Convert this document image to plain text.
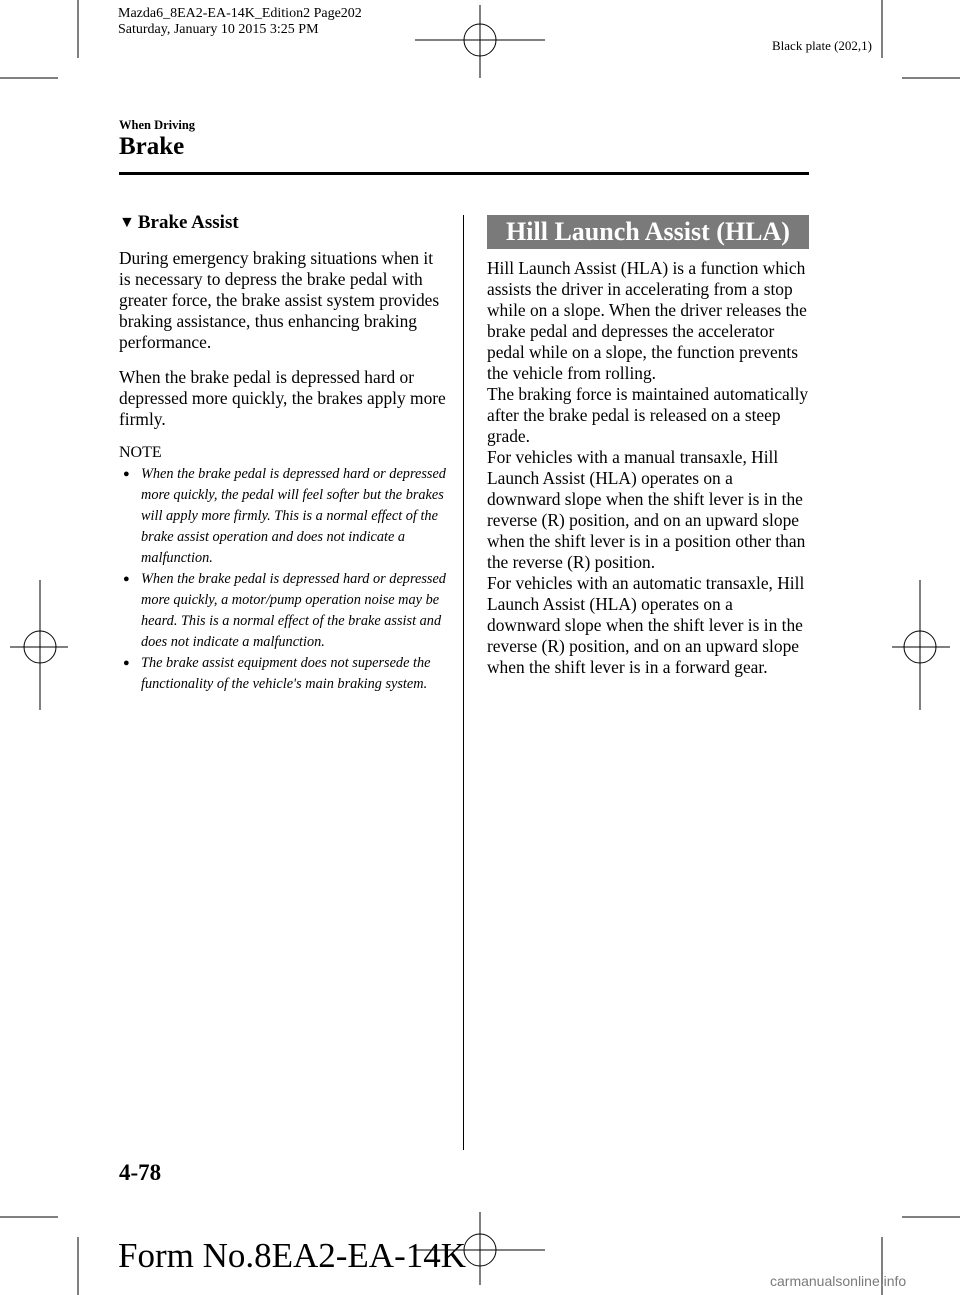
Mazda6_8EA2-EA-14K_Edition2 Page202
Saturday, January 10 2015 3:25 PM
Black plate (202,1)
When Driving
Brake
▼ Brake Assist

During emergency braking situations when it is necessary to depress the brake pedal with greater force, the brake assist system provides braking assistance, thus enhancing braking performance.

When the brake pedal is depressed hard or depressed more quickly, the brakes apply more firmly.

NOTE
● When the brake pedal is depressed hard or depressed more quickly, the pedal will feel softer but the brakes will apply more firmly. This is a normal effect of the brake assist operation and does not indicate a malfunction.
● When the brake pedal is depressed hard or depressed more quickly, a motor/pump operation noise may be heard. This is a normal effect of the brake assist and does not indicate a malfunction.
● The brake assist equipment does not supersede the functionality of the vehicle's main braking system.
Hill Launch Assist (HLA)

Hill Launch Assist (HLA) is a function which assists the driver in accelerating from a stop while on a slope. When the driver releases the brake pedal and depresses the accelerator pedal while on a slope, the function prevents the vehicle from rolling.

The braking force is maintained automatically after the brake pedal is released on a steep grade.

For vehicles with a manual transaxle, Hill Launch Assist (HLA) operates on a downward slope when the shift lever is in the reverse (R) position, and on an upward slope when the shift lever is in a position other than the reverse (R) position.

For vehicles with an automatic transaxle, Hill Launch Assist (HLA) operates on a downward slope when the shift lever is in the reverse (R) position, and on an upward slope when the shift lever is in a forward gear.

4-78
Form No.8EA2-EA-14K
carmanualsonline.info
